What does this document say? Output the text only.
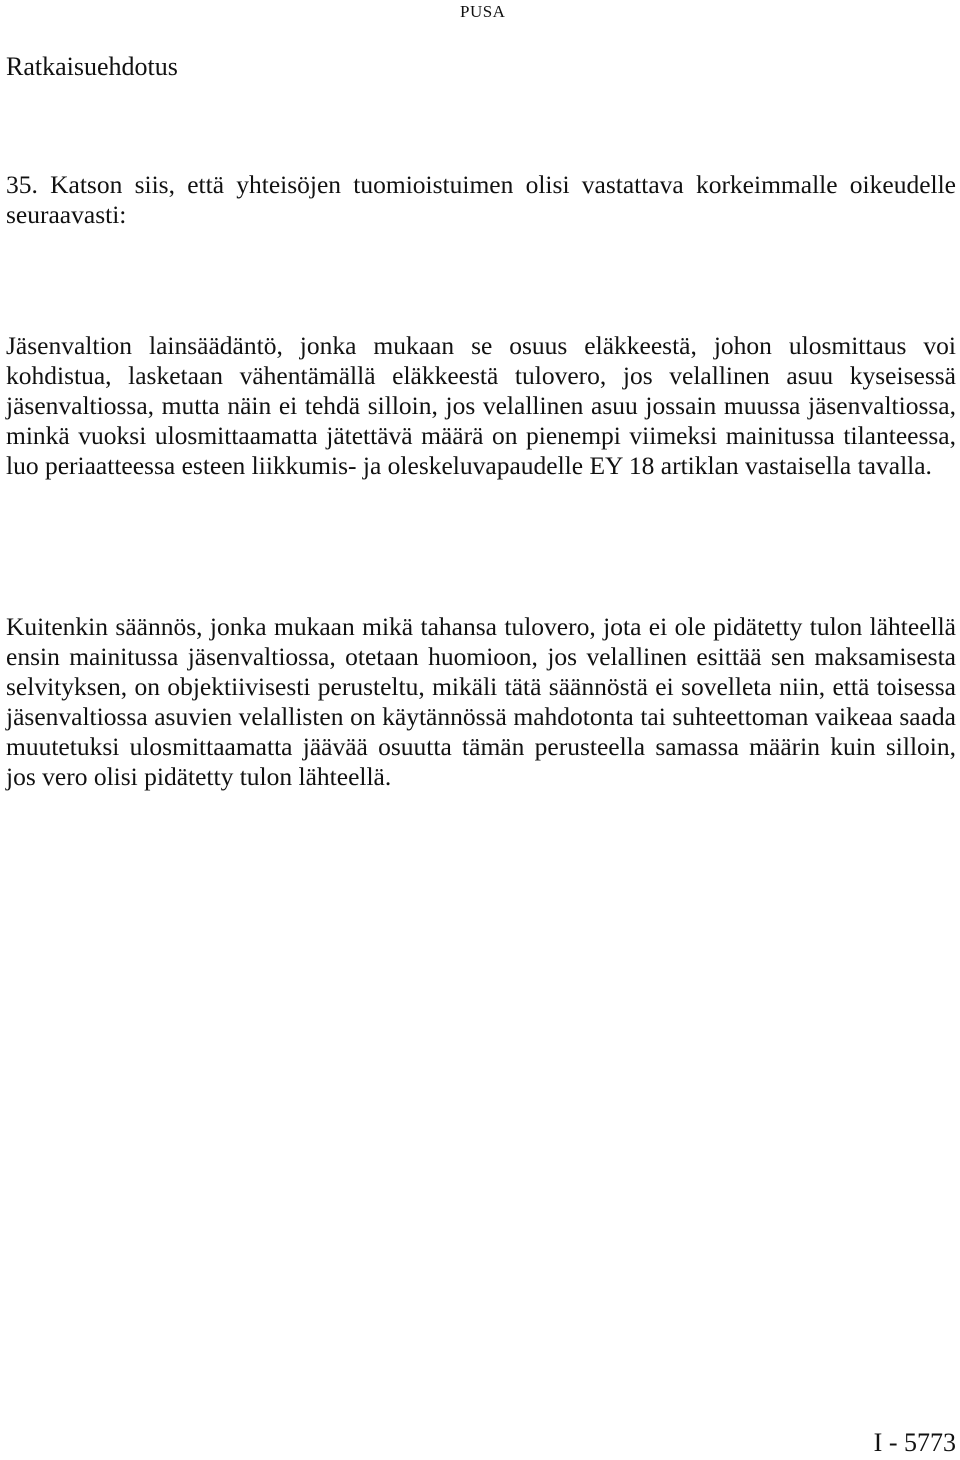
PUSA
Ratkaisuehdotus

35. Katson siis, että yhteisöjen tuomioistuimen olisi vastattava korkeimmalle oikeudelle seuraavasti:

Jäsenvaltion lainsäädäntö, jonka mukaan se osuus eläkkeestä, johon ulosmittaus voi kohdistua, lasketaan vähentämällä eläkkeestä tulovero, jos velallinen asuu kyseisessä jäsenvaltiossa, mutta näin ei tehdä silloin, jos velallinen asuu jossain muussa jäsenvaltiossa, minkä vuoksi ulosmittaamatta jätettävä määrä on pienempi viimeksi mainitussa tilanteessa, luo periaatteessa esteen liikkumis- ja oleskeluvapaudelle EY 18 artiklan vastaisella tavalla.

Kuitenkin säännös, jonka mukaan mikä tahansa tulovero, jota ei ole pidätetty tulon lähteellä ensin mainitussa jäsenvaltiossa, otetaan huomioon, jos velallinen esittää sen maksamisesta selvityksen, on objektiivisesti perusteltu, mikäli tätä säännöstä ei sovelleta niin, että toisessa jäsenvaltiossa asuvien velallisten on käytännössä mahdotonta tai suhteettoman vaikeaa saada muutetuksi ulosmittaamatta jäävää osuutta tämän perusteella samassa määrin kuin silloin, jos vero olisi pidätetty tulon lähteellä.

I - 5773
